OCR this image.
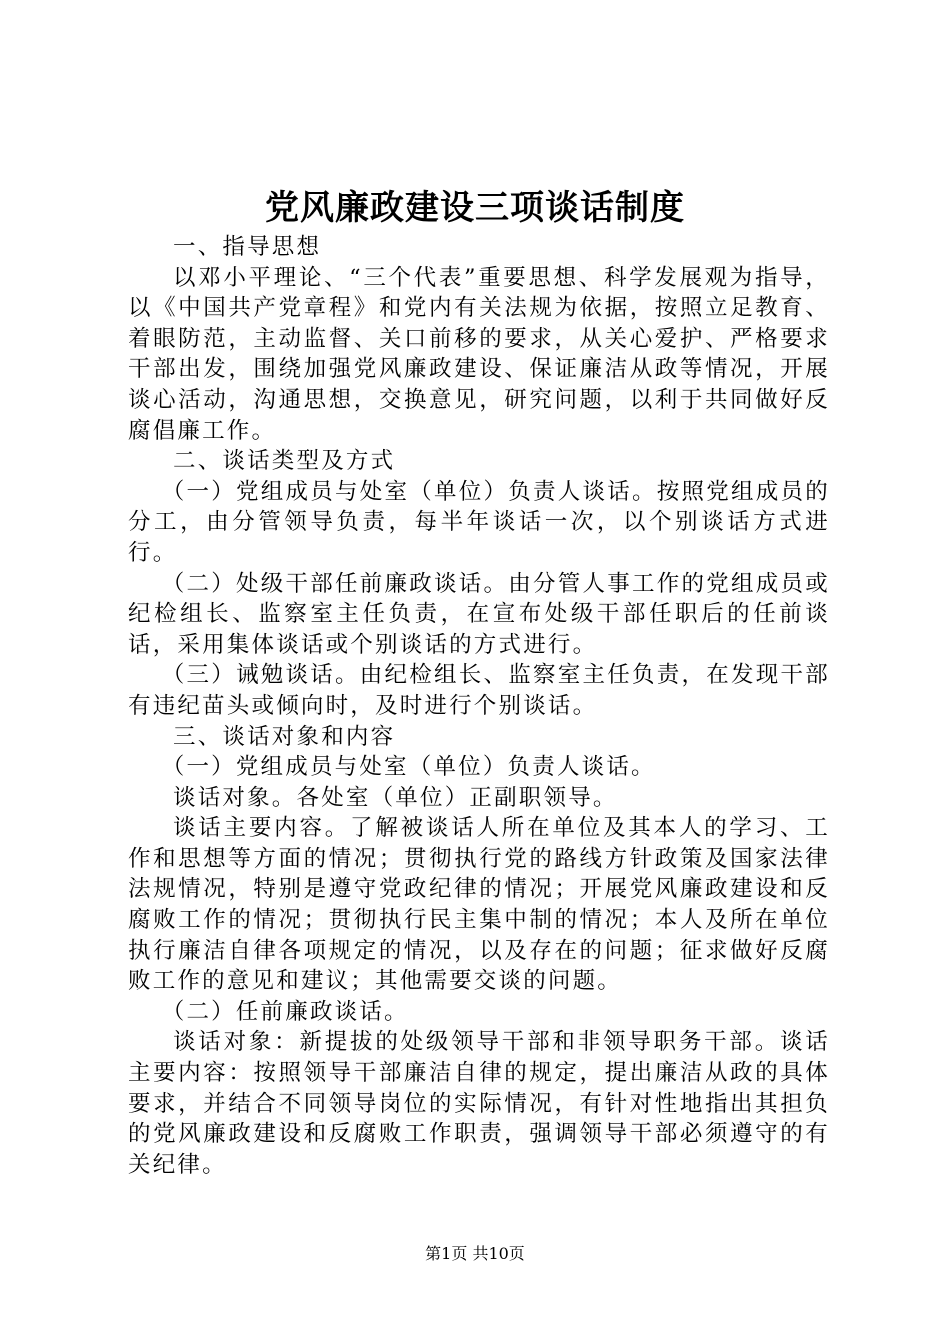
党风廉政建设三项谈话制度

一、指导思想

以邓小平理论、“三个代表”重要思想、科学发展观为指导，以《中国共产党章程》和党内有关法规为依据，按照立足教育、着眼防范，主动监督、关口前移的要求，从关心爱护、严格要求干部出发，围绕加强党风廉政建设、保证廉洁从政等情况，开展谈心活动，沟通思想，交换意见，研究问题，以利于共同做好反腐倡廉工作。

二、谈话类型及方式

（一）党组成员与处室（单位）负责人谈话。按照党组成员的分工，由分管领导负责，每半年谈话一次，以个别谈话方式进行。

（二）处级干部任前廉政谈话。由分管人事工作的党组成员或纪检组长、监察室主任负责，在宣布处级干部任职后的任前谈话，采用集体谈话或个别谈话的方式进行。

（三）诫勉谈话。由纪检组长、监察室主任负责，在发现干部有违纪苗头或倾向时，及时进行个别谈话。

三、谈话对象和内容

（一）党组成员与处室（单位）负责人谈话。

谈话对象。各处室（单位）正副职领导。

谈话主要内容。了解被谈话人所在单位及其本人的学习、工作和思想等方面的情况；贯彻执行党的路线方针政策及国家法律法规情况，特别是遵守党政纪律的情况；开展党风廉政建设和反腐败工作的情况；贯彻执行民主集中制的情况；本人及所在单位执行廉洁自律各项规定的情况，以及存在的问题；征求做好反腐败工作的意见和建议；其他需要交谈的问题。

（二）任前廉政谈话。

谈话对象：新提拔的处级领导干部和非领导职务干部。谈话主要内容：按照领导干部廉洁自律的规定，提出廉洁从政的具体要求，并结合不同领导岗位的实际情况，有针对性地指出其担负的党风廉政建设和反腐败工作职责，强调领导干部必须遵守的有关纪律。

第1页 共10页
